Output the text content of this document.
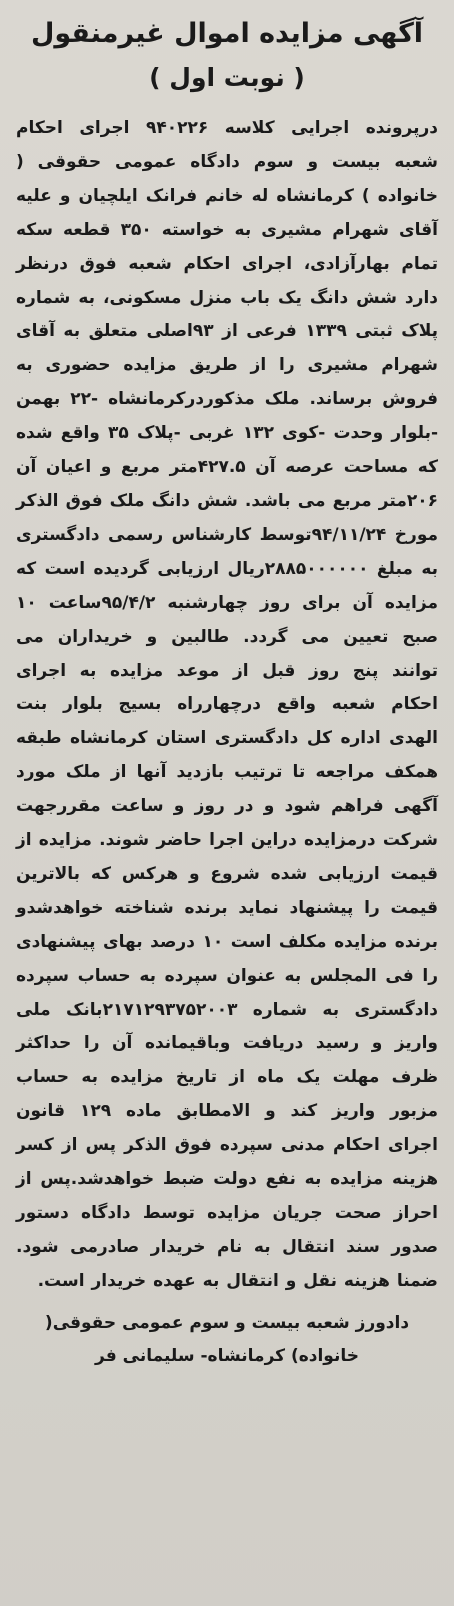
آگهی مزایده اموال غیرمنقول
( نوبت اول )

درپرونده اجرایی کلاسه ۹۴۰۲۲۶ اجرای احکام شعبه بیست و سوم دادگاه عمومی حقوقی ( خانواده ) کرمانشاه له خانم فرانک ایلچیان و علیه آقای شهرام مشیری به خواسته ۳۵۰ قطعه سکه تمام بهارآزادی، اجرای احکام شعبه فوق درنظر دارد شش دانگ یک باب منزل مسکونی، به شماره پلاک ثبتی ۱۳۳۹ فرعی از ۹۳اصلی متعلق به آقای شهرام مشیری را از طریق مزایده حضوری به فروش برساند. ملک مذکوردرکرمانشاه -۲۲ بهمن -بلوار وحدت -کوی ۱۳۲ غربی -پلاک ۳۵ واقع شده که مساحت عرصه آن ۴۲۷.۵متر مربع و اعیان آن ۲۰۶متر مربع می باشد. شش دانگ ملک فوق الذکر مورخ ۹۴/۱۱/۲۴توسط کارشناس رسمی دادگستری به مبلغ ۲۸۸۵۰۰۰۰۰۰ریال ارزیابی گردیده است که مزایده آن برای روز چهارشنبه ۹۵/۴/۲ساعت ۱۰ صبح تعیین می گردد. طالبین و خریداران می توانند پنج روز قبل از موعد مزایده به اجرای احکام شعبه واقع درچهارراه بسیج بلوار بنت الهدی اداره کل دادگستری استان کرمانشاه طبقه همکف مراجعه تا ترتیب بازدید آنها از ملک مورد آگهی فراهم شود و در روز و ساعت مقررجهت شرکت درمزایده دراین اجرا حاضر شوند. مزایده از قیمت ارزیابی شده شروع و هرکس که بالاترین قیمت را پیشنهاد نماید برنده شناخته خواهدشدو برنده مزایده مکلف است ۱۰ درصد بهای پیشنهادی را فی المجلس به عنوان سپرده به حساب سپرده دادگستری به شماره ۲۱۷۱۲۹۳۷۵۲۰۰۳بانک ملی واریز و رسید دریافت وباقیمانده آن را حداکثر ظرف مهلت یک ماه از تاریخ مزایده به حساب مزبور واریز کند و الامطابق ماده ۱۲۹ قانون اجرای احکام مدنی سپرده فوق الذکر پس از کسر هزینه مزایده به نفع دولت ضبط خواهدشد.پس از احراز صحت جریان مزایده توسط دادگاه دستور صدور سند انتقال به نام خریدار صادرمی شود. ضمنا هزینه نقل و انتقال به عهده خریدار است.

دادورز شعبه بیست و سوم عمومی حقوقی(
خانواده) کرمانشاه- سلیمانی فر
